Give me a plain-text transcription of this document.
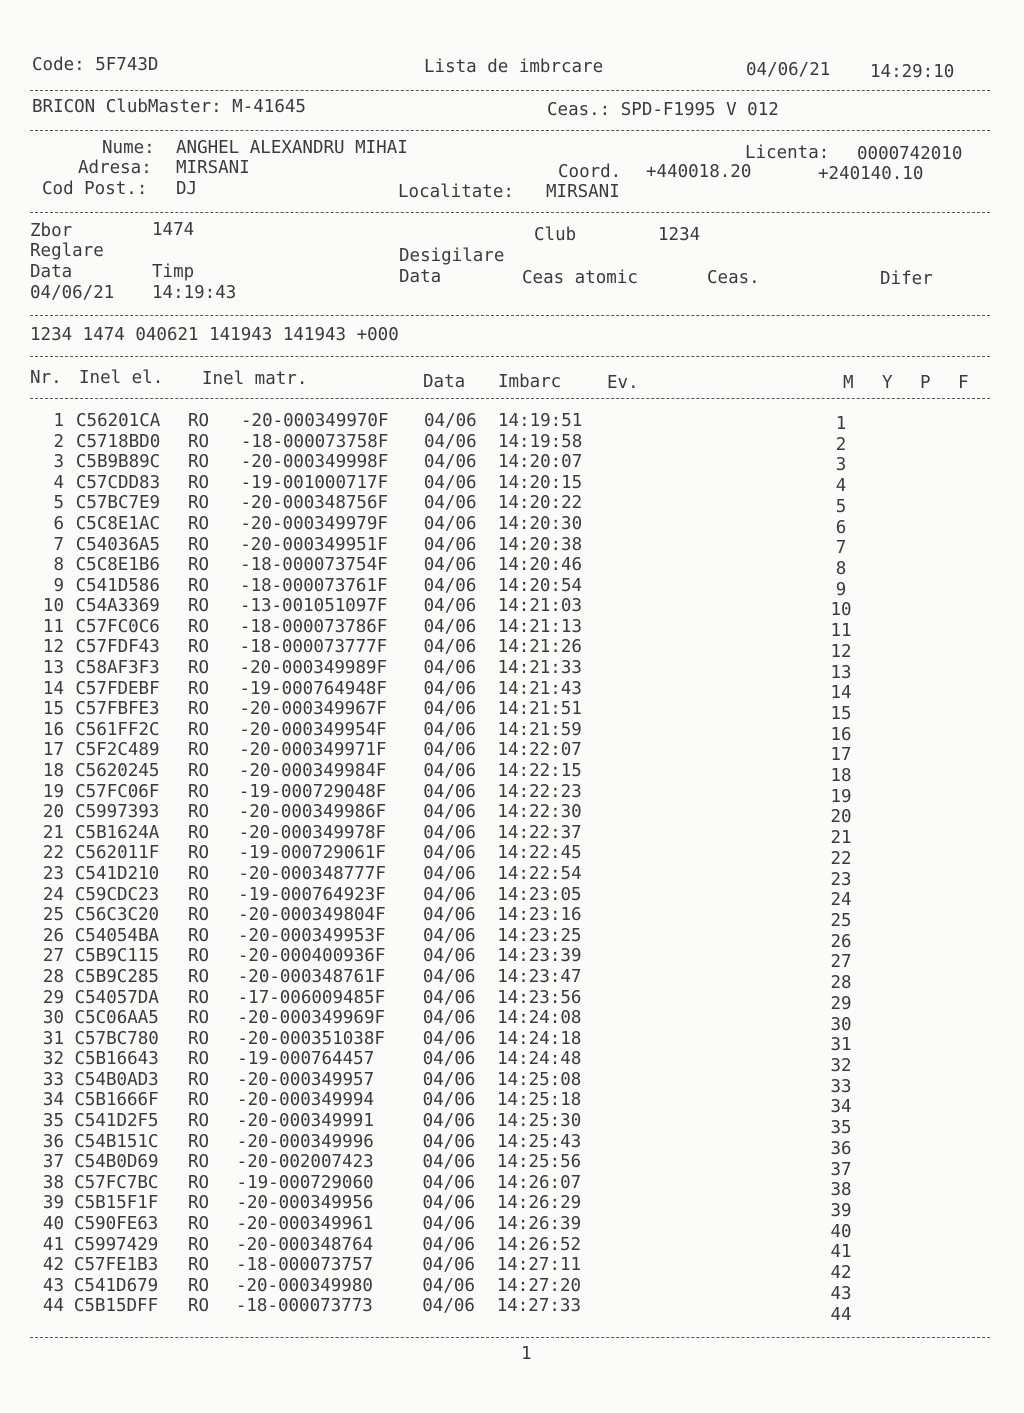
Code: 5F743D	Lista de imbrcare	04/06/21 14:29:10
BRICON ClubMaster: M-41645	Ceas.: SPD-F1995 V 012
Nume: ANGHEL ALEXANDRU MIHAI	Licenta: 0000742010
Adresa: MIRSANI	Coord. +440018.20	+240140.10
Cod Post.: DJ	Localitate: MIRSANI
Zbor	1474	Club	1234
Reglare	Desigilare
Data	Timp	Data	Ceas atomic	Ceas.	Difer
04/06/21 14:19:43
1234 1474 040621 141943 141943 +000
Nr. Inel el. Inel matr.	Data Imbarc	Ev.	M Y P F
1 C56201CA RO -20-000349970F 04/06 14:19:51	1
2 C5718BD0 RO -18-000073758F 04/06 14:19:58	2
3 C5B9B89C RO -20-000349998F 04/06 14:20:07	3
4 C57CDD83 RO -19-001000717F 04/06 14:20:15	4
5 C57BC7E9 RO -20-000348756F 04/06 14:20:22	5
6 C5C8E1AC RO -20-000349979F 04/06 14:20:30	6
7 C54036A5 RO -20-000349951F 04/06 14:20:38	7
8 C5C8E1B6 RO -18-000073754F 04/06 14:20:46	8
9 C541D586 RO -18-000073761F 04/06 14:20:54	9
10 C54A3369 RO -13-001051097F 04/06 14:21:03	10
11 C57FC0C6 RO -18-000073786F 04/06 14:21:13	11
12 C57FDF43 RO -18-000073777F 04/06 14:21:26	12
13 C58AF3F3 RO -20-000349989F 04/06 14:21:33	13
14 C57FDEBF RO -19-000764948F 04/06 14:21:43	14
15 C57FBFE3 RO -20-000349967F 04/06 14:21:51	15
16 C561FF2C RO -20-000349954F 04/06 14:21:59	16
17 C5F2C489 RO -20-000349971F 04/06 14:22:07	17
18 C5620245 RO -20-000349984F 04/06 14:22:15	18
19 C57FC06F RO -19-000729048F 04/06 14:22:23	19
20 C5997393 RO -20-000349986F 04/06 14:22:30	20
21 C5B1624A RO -20-000349978F 04/06 14:22:37	21
22 C562011F RO -19-000729061F 04/06 14:22:45	22
23 C541D210 RO -20-000348777F 04/06 14:22:54	23
24 C59CDC23 RO -19-000764923F 04/06 14:23:05	24
25 C56C3C20 RO -20-000349804F 04/06 14:23:16	25
26 C54054BA RO -20-000349953F 04/06 14:23:25	26
27 C5B9C115 RO -20-000400936F 04/06 14:23:39	27
28 C5B9C285 RO -20-000348761F 04/06 14:23:47	28
29 C54057DA RO -17-006009485F 04/06 14:23:56	29
30 C5C06AA5 RO -20-000349969F 04/06 14:24:08	30
31 C57BC780 RO -20-000351038F 04/06 14:24:18	31
32 C5B16643 RO -19-000764457	04/06 14:24:48	32
33 C54B0AD3 RO -20-000349957	04/06 14:25:08	33
34 C5B1666F RO -20-000349994	04/06 14:25:18	34
35 C541D2F5 RO -20-000349991	04/06 14:25:30	35
36 C54B151C RO -20-000349996	04/06 14:25:43	36
37 C54B0D69 RO -20-002007423	04/06 14:25:56	37
38 C57FC7BC RO -19-000729060	04/06 14:26:07	38
39 C5B15F1F RO -20-000349956	04/06 14:26:29	39
40 C590FE63 RO -20-000349961	04/06 14:26:39	40
41 C5997429 RO -20-000348764	04/06 14:26:52	41
42 C57FE1B3 RO -18-000073757	04/06 14:27:11	42
43 C541D679 RO -20-000349980	04/06 14:27:20	43
44 C5B15DFF RO -18-000073773	04/06 14:27:33	44
1
